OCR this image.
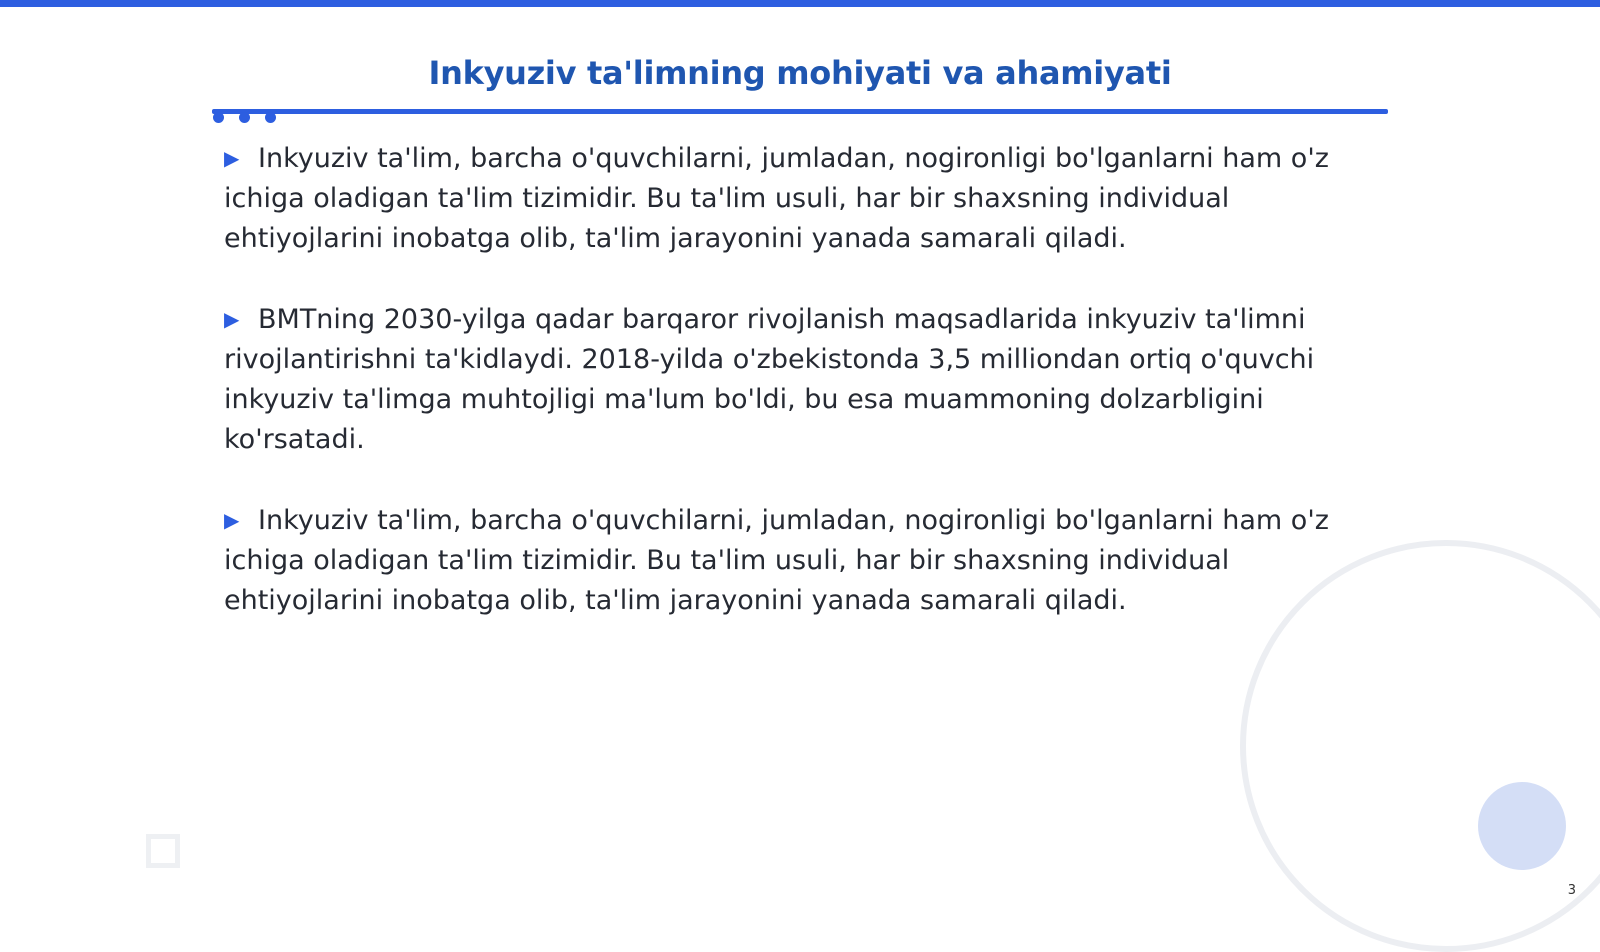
Inkyuziv ta'limning mohiyati va ahamiyati

▶ Inkyuziv ta'lim, barcha o'quvchilarni, jumladan, nogironligi bo'lganlarni ham o'z ichiga oladigan ta'lim tizimidir. Bu ta'lim usuli, har bir shaxsning individual ehtiyojlarini inobatga olib, ta'lim jarayonini yanada samarali qiladi.

▶ BMTning 2030-yilga qadar barqaror rivojlanish maqsadlarida inkyuziv ta'limni rivojlantirishni ta'kidlaydi. 2018-yilda o'zbekistonda 3,5 milliondan ortiq o'quvchi inkyuziv ta'limga muhtojligi ma'lum bo'ldi, bu esa muammoning dolzarbligini ko'rsatadi.

▶ Inkyuziv ta'lim, barcha o'quvchilarni, jumladan, nogironligi bo'lganlarni ham o'z ichiga oladigan ta'lim tizimidir. Bu ta'lim usuli, har bir shaxsning individual ehtiyojlarini inobatga olib, ta'lim jarayonini yanada samarali qiladi.

3
